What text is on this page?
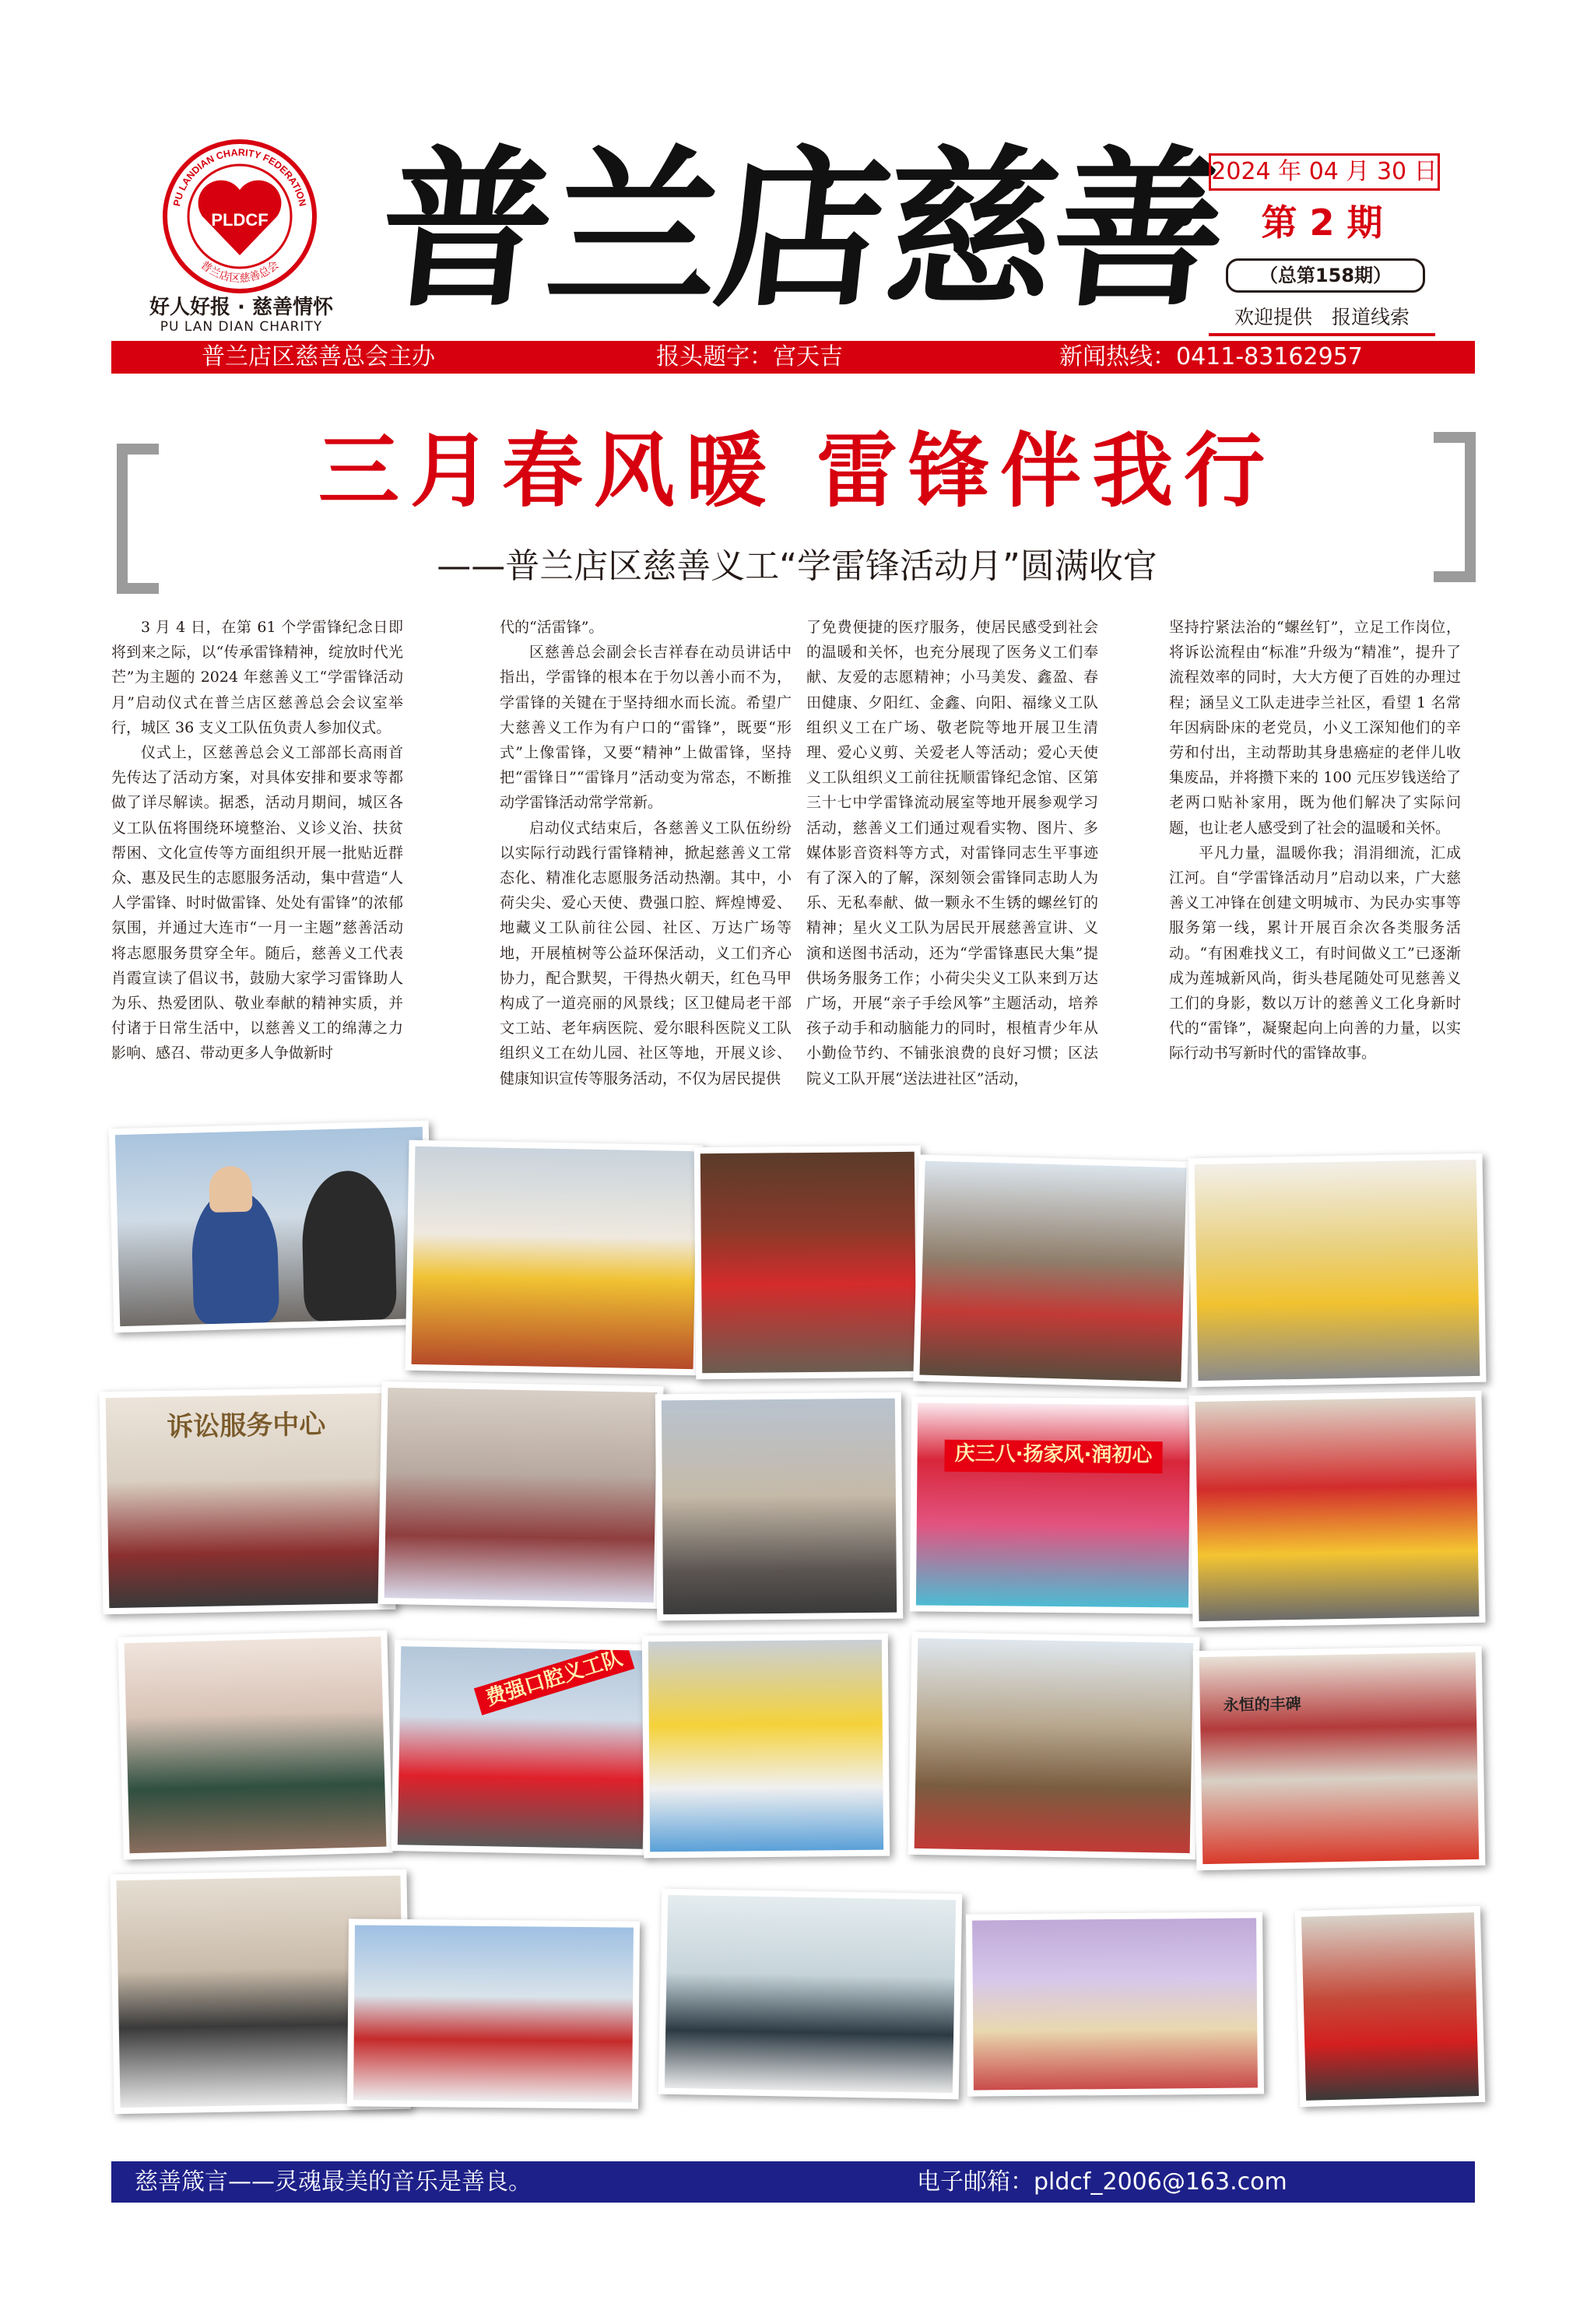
PLDCF
PU LANDIAN CHARITY FEDERATION
普兰店区慈善总会
好人好报 · 慈善情怀
PU LAN DIAN CHARITY 普兰店慈善
2024 年 04 月 30 日
第 2 期
（总第158期）
欢迎提供　报道线索
普兰店区慈善总会主办	报头题字：宫天吉	新闻热线：0411-83162957
三月春风暖 雷锋伴我行
——普兰店区慈善义工“学雷锋活动月”圆满收官

3 月 4 日，在第 61 个学雷锋纪念日即将到来之际，以“传承雷锋精神，绽放时代光芒”为主题的 2024 年慈善义工“学雷锋活动月”启动仪式在普兰店区慈善总会会议室举行，城区 36 支义工队伍负责人参加仪式。

仪式上，区慈善总会义工部部长高雨首先传达了活动方案，对具体安排和要求等都做了详尽解读。据悉，活动月期间，城区各义工队伍将围绕环境整治、义诊义治、扶贫帮困、文化宣传等方面组织开展一批贴近群众、惠及民生的志愿服务活动，集中营造“人人学雷锋、时时做雷锋、处处有雷锋”的浓郁氛围，并通过大连市“一月一主题”慈善活动将志愿服务贯穿全年。随后，慈善义工代表肖霞宣读了倡议书，鼓励大家学习雷锋助人为乐、热爱团队、敬业奉献的精神实质，并付诸于日常生活中，以慈善义工的绵薄之力影响、感召、带动更多人争做新时

代的“活雷锋”。

区慈善总会副会长吉祥春在动员讲话中指出，学雷锋的根本在于勿以善小而不为，学雷锋的关键在于坚持细水而长流。希望广大慈善义工作为有户口的“雷锋”，既要“形式”上像雷锋，又要“精神”上做雷锋，坚持把“雷锋日”“雷锋月”活动变为常态，不断推动学雷锋活动常学常新。

启动仪式结束后，各慈善义工队伍纷纷以实际行动践行雷锋精神，掀起慈善义工常态化、精准化志愿服务活动热潮。其中，小荷尖尖、爱心天使、费强口腔、辉煌博爱、地藏义工队前往公园、社区、万达广场等地，开展植树等公益环保活动，义工们齐心协力，配合默契，干得热火朝天，红色马甲构成了一道亮丽的风景线；区卫健局老干部文工站、老年病医院、爱尔眼科医院义工队组织义工在幼儿园、社区等地，开展义诊、健康知识宣传等服务活动，不仅为居民提供

了免费便捷的医疗服务，使居民感受到社会的温暖和关怀，也充分展现了医务义工们奉献、友爱的志愿精神；小马美发、鑫盈、春田健康、夕阳红、金鑫、向阳、福缘义工队组织义工在广场、敬老院等地开展卫生清理、爱心义剪、关爱老人等活动；爱心天使义工队组织义工前往抚顺雷锋纪念馆、区第三十七中学雷锋流动展室等地开展参观学习活动，慈善义工们通过观看实物、图片、多媒体影音资料等方式，对雷锋同志生平事迹有了深入的了解，深刻领会雷锋同志助人为乐、无私奉献、做一颗永不生锈的螺丝钉的精神；星火义工队为居民开展慈善宣讲、义演和送图书活动，还为“学雷锋惠民大集”提供场务服务工作；小荷尖尖义工队来到万达广场，开展“亲子手绘风筝”主题活动，培养孩子动手和动脑能力的同时，根植青少年从小勤俭节约、不铺张浪费的良好习惯；区法院义工队开展“送法进社区”活动，

坚持拧紧法治的“螺丝钉”，立足工作岗位，将诉讼流程由“标准”升级为“精准”，提升了流程效率的同时，大大方便了百姓的办理过程；涵呈义工队走进孛兰社区，看望 1 名常年因病卧床的老党员，小义工深知他们的辛劳和付出，主动帮助其身患癌症的老伴儿收集废品，并将攒下来的 100 元压岁钱送给了老两口贴补家用，既为他们解决了实际问题，也让老人感受到了社会的温暖和关怀。

平凡力量，温暖你我；涓涓细流，汇成江河。自“学雷锋活动月”启动以来，广大慈善义工冲锋在创建文明城市、为民办实事等服务第一线，累计开展百余次各类服务活动。“有困难找义工，有时间做义工”已逐渐成为莲城新风尚，街头巷尾随处可见慈善义工们的身影，数以万计的慈善义工化身新时代的“雷锋”，凝聚起向上向善的力量，以实际行动书写新时代的雷锋故事。

诉讼服务中心
庆三八·扬家风·润初心
费强口腔义工队	永恒的丰碑
慈善箴言——灵魂最美的音乐是善良。	电子邮箱：pldcf_2006@163.com
